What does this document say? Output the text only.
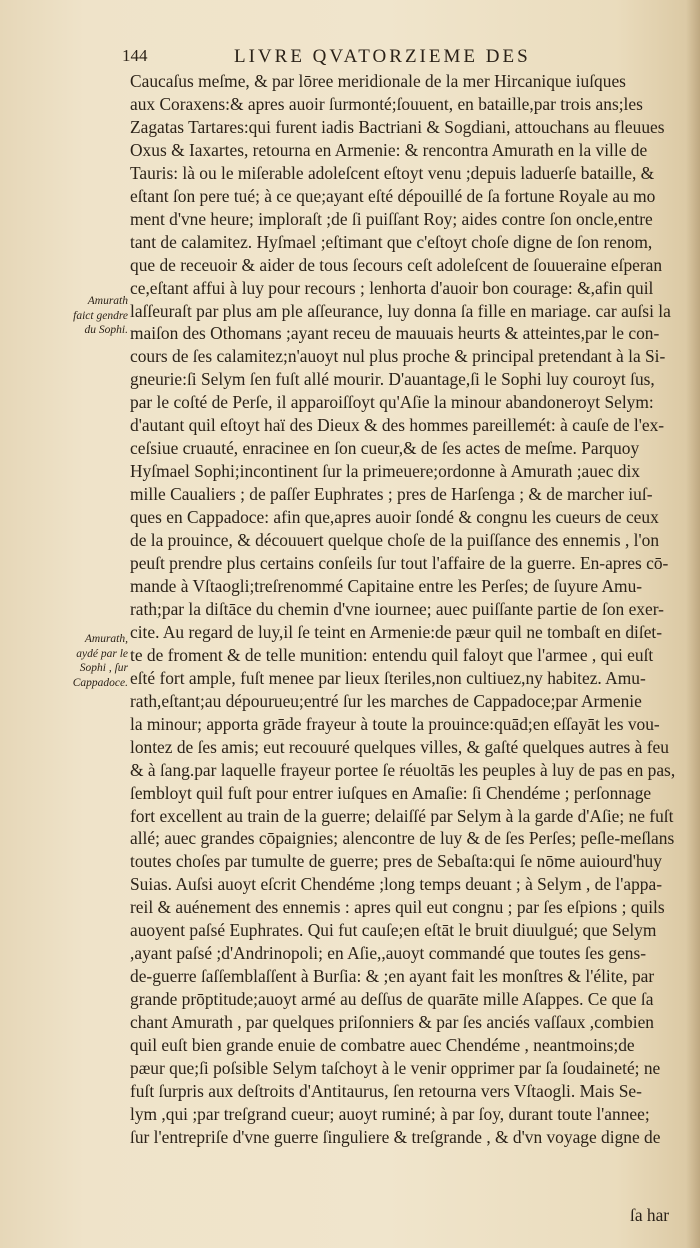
144	LIVRE QVATORZIEME DES
Amurath
faict gendre
du Sophi.
Amurath,
aydé par le
Sophi , ſur
Cappadoce.
Caucaſus meſme, & par lōree meridionale de la mer Hircanique iuſques
aux Coraxens:& apres auoir ſurmonté;ſouuent, en bataille,par trois ans;les
Zagatas Tartares:qui furent iadis Bactriani & Sogdiani, attouchans au fleuues
Oxus & Iaxartes, retourna en Armenie: & rencontra Amurath en la ville de
Tauris: là ou le miſerable adoleſcent eſtoyt venu ;depuis laduerſe bataille, &
eſtant ſon pere tué; à ce que;ayant eſté dépouillé de ſa fortune Royale au mo
ment d'vne heure; imploraſt ;de ſi puiſſant Roy; aides contre ſon oncle,entre
tant de calamitez. Hyſmael ;eſtimant que c'eſtoyt choſe digne de ſon renom,
que de receuoir & aider de tous ſecours ceſt adoleſcent de ſouueraine eſperan
ce,eſtant affui à luy pour recours ; lenhorta d'auoir bon courage: &,afin quil
laſſeuraſt par plus am ple aſſeurance, luy donna ſa fille en mariage. car auſsi la
maiſon des Othomans ;ayant receu de mauuais heurts & atteintes,par le con-
cours de ſes calamitez;n'auoyt nul plus proche & principal pretendant à la Si-
gneurie:ſi Selym ſen fuſt allé mourir. D'auantage,ſi le Sophi luy couroyt ſus,
par le coſté de Perſe, il apparoiſſoyt qu'Aſie la minour abandoneroyt Selym:
d'autant quil eſtoyt haï des Dieux & des hommes pareillemét: à cauſe de l'ex-
ceſsiue cruauté, enracinee en ſon cueur,& de ſes actes de meſme. Parquoy
Hyſmael Sophi;incontinent ſur la primeuere;ordonne à Amurath ;auec dix
mille Caualiers ; de paſſer Euphrates ; pres de Harſenga ; & de marcher iuſ-
ques en Cappadoce: afin que,apres auoir ſondé & congnu les cueurs de ceux
de la prouince, & découuert quelque choſe de la puiſſance des ennemis , l'on
peuſt prendre plus certains conſeils ſur tout l'affaire de la guerre. En-apres cō-
mande à Vſtaogli;treſrenommé Capitaine entre les Perſes; de ſuyure Amu-
rath;par la diſtāce du chemin d'vne iournee; auec puiſſante partie de ſon exer-
cite. Au regard de luy,il ſe teint en Armenie:de pæur quil ne tombaſt en diſet-
te de froment & de telle munition: entendu quil faloyt que l'armee , qui euſt
eſté fort ample, fuſt menee par lieux ſteriles,non cultiuez,ny habitez. Amu-
rath,eſtant;au dépourueu;entré ſur les marches de Cappadoce;par Armenie
la minour; apporta grāde frayeur à toute la prouince:quād;en eſſayāt les vou-
lontez de ſes amis; eut recouuré quelques villes, & gaſté quelques autres à feu
& à ſang.par laquelle frayeur portee ſe réuoltās les peuples à luy de pas en pas,
ſembloyt quil fuſt pour entrer iuſques en Amaſie: ſi Chendéme ; perſonnage
fort excellent au train de la guerre; delaiſſé par Selym à la garde d'Aſie; ne fuſt
allé; auec grandes cōpaignies; alencontre de luy & de ſes Perſes; peſle-meſlans
toutes choſes par tumulte de guerre; pres de Sebaſta:qui ſe nōme auiourd'huy
Suias. Auſsi auoyt eſcrit Chendéme ;long temps deuant ; à Selym , de l'appa-
reil & auénement des ennemis : apres quil eut congnu ; par ſes eſpions ; quils
auoyent paſsé Euphrates. Qui fut cauſe;en eſtāt le bruit diuulgué; que Selym
,ayant paſsé ;d'Andrinopoli; en Aſie,,auoyt commandé que toutes ſes gens-
de-guerre ſaſſemblaſſent à Burſia: & ;en ayant fait les monſtres & l'élite, par
grande prōptitude;auoyt armé au deſſus de quarāte mille Aſappes. Ce que ſa
chant Amurath , par quelques priſonniers & par ſes anciés vaſſaux ,combien
quil euſt bien grande enuie de combatre auec Chendéme , neantmoins;de
pæur que;ſi poſsible Selym taſchoyt à le venir opprimer par ſa ſoudaineté; ne
fuſt ſurpris aux deſtroits d'Antitaurus, ſen retourna vers Vſtaogli. Mais Se-
lym ,qui ;par treſgrand cueur; auoyt ruminé; à par ſoy, durant toute l'annee;
ſur l'entrepriſe d'vne guerre ſinguliere & treſgrande , & d'vn voyage digne de
ſa har
